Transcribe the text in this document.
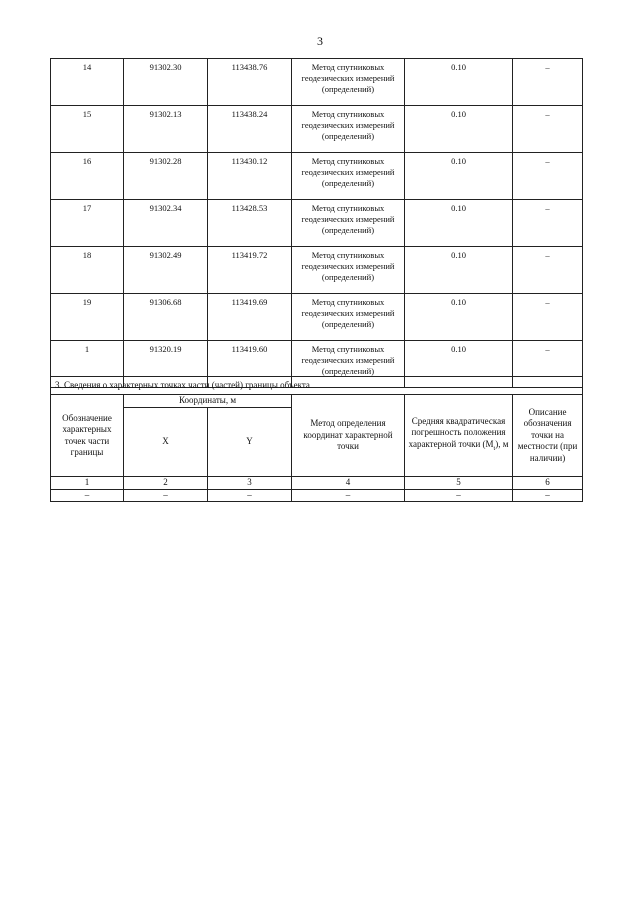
3
14	91302.30	113438.76	Метод спутниковых геодезических измерений (определений)	0.10	–
15	91302.13	113438.24	Метод спутниковых геодезических измерений (определений)	0.10	–
16	91302.28	113430.12	Метод спутниковых геодезических измерений (определений)	0.10	–
17	91302.34	113428.53	Метод спутниковых геодезических измерений (определений)	0.10	–
18	91302.49	113419.72	Метод спутниковых геодезических измерений (определений)	0.10	–
19	91306.68	113419.69	Метод спутниковых геодезических измерений (определений)	0.10	–
1	91320.19	113419.60	Метод спутниковых геодезических измерений (определений)	0.10	–
3. Сведения о характерных точках части (частей) границы объекта					
Обозначение характерных точек части границы	Координаты, м		Метод определения координат характерной точки	Средняя квадратическая погрешность положения характерной точки $(M_t)$, м	Описание обозначения точки на местности (при наличии)
	X	Y			
1	2	3	4	5	6
–	–	–	–	–	–
